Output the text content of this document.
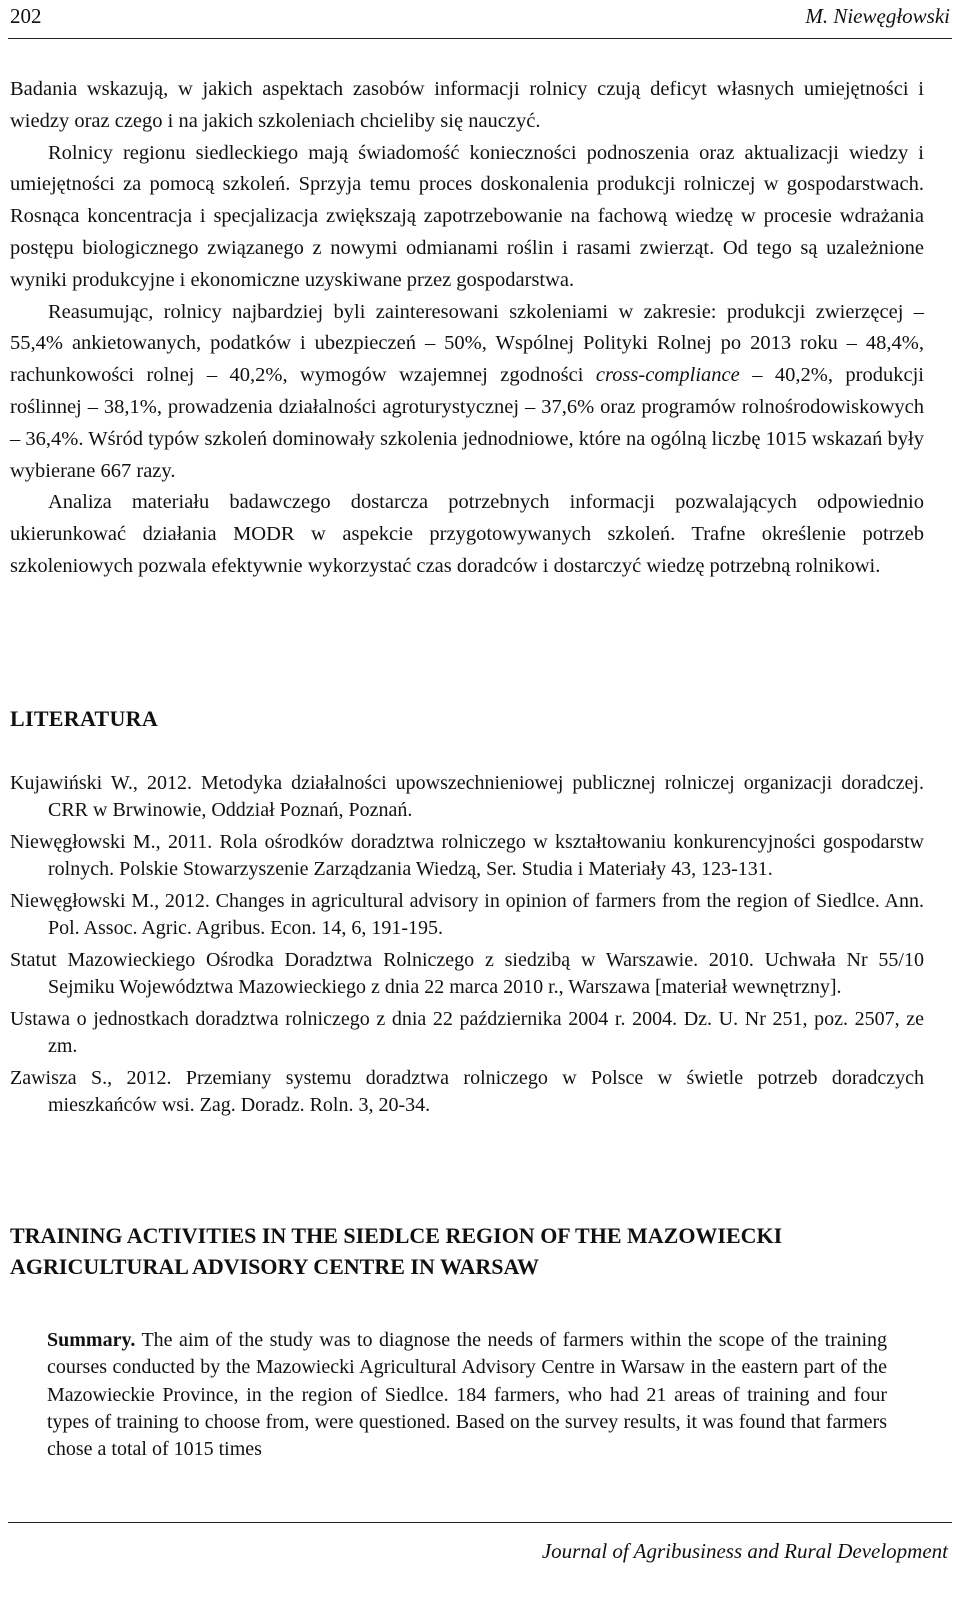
202	M. Niewęgłowski

Badania wskazują, w jakich aspektach zasobów informacji rolnicy czują deficyt własnych umiejętności i wiedzy oraz czego i na jakich szkoleniach chcieliby się nauczyć.

Rolnicy regionu siedleckiego mają świadomość konieczności podnoszenia oraz aktualizacji wiedzy i umiejętności za pomocą szkoleń. Sprzyja temu proces doskonalenia produkcji rolniczej w gospodarstwach. Rosnąca koncentracja i specjalizacja zwiększają zapotrzebowanie na fachową wiedzę w procesie wdrażania postępu biologicznego związanego z nowymi odmianami roślin i rasami zwierząt. Od tego są uzależnione wyniki produkcyjne i ekonomiczne uzyskiwane przez gospodarstwa.

Reasumując, rolnicy najbardziej byli zainteresowani szkoleniami w zakresie: produkcji zwierzęcej – 55,4% ankietowanych, podatków i ubezpieczeń – 50%, Wspólnej Polityki Rolnej po 2013 roku – 48,4%, rachunkowości rolnej – 40,2%, wymogów wzajemnej zgodności cross-compliance – 40,2%, produkcji roślinnej – 38,1%, prowadzenia działalności agroturystycznej – 37,6% oraz programów rolnośrodowiskowych – 36,4%. Wśród typów szkoleń dominowały szkolenia jednodniowe, które na ogólną liczbę 1015 wskazań były wybierane 667 razy.

Analiza materiału badawczego dostarcza potrzebnych informacji pozwalających odpowiednio ukierunkować działania MODR w aspekcie przygotowywanych szkoleń. Trafne określenie potrzeb szkoleniowych pozwala efektywnie wykorzystać czas doradców i dostarczyć wiedzę potrzebną rolnikowi.

LITERATURA

Kujawiński W., 2012. Metodyka działalności upowszechnieniowej publicznej rolniczej organizacji doradczej. CRR w Brwinowie, Oddział Poznań, Poznań.

Niewęgłowski M., 2011. Rola ośrodków doradztwa rolniczego w kształtowaniu konkurencyjności gospodarstw rolnych. Polskie Stowarzyszenie Zarządzania Wiedzą, Ser. Studia i Materiały 43, 123-131.

Niewęgłowski M., 2012. Changes in agricultural advisory in opinion of farmers from the region of Siedlce. Ann. Pol. Assoc. Agric. Agribus. Econ. 14, 6, 191-195.

Statut Mazowieckiego Ośrodka Doradztwa Rolniczego z siedzibą w Warszawie. 2010. Uchwała Nr 55/10 Sejmiku Województwa Mazowieckiego z dnia 22 marca 2010 r., Warszawa [materiał wewnętrzny].

Ustawa o jednostkach doradztwa rolniczego z dnia 22 października 2004 r. 2004. Dz. U. Nr 251, poz. 2507, ze zm.

Zawisza S., 2012. Przemiany systemu doradztwa rolniczego w Polsce w świetle potrzeb doradczych mieszkańców wsi. Zag. Doradz. Roln. 3, 20-34.

TRAINING ACTIVITIES IN THE SIEDLCE REGION OF THE MAZOWIECKI
AGRICULTURAL ADVISORY CENTRE IN WARSAW
Summary. The aim of the study was to diagnose the needs of farmers within the scope of the training courses conducted by the Mazowiecki Agricultural Advisory Centre in Warsaw in the eastern part of the Mazowieckie Province, in the region of Siedlce. 184 farmers, who had 21 areas of training and four types of training to choose from, were questioned. Based on the survey results, it was found that farmers chose a total of 1015 times
Journal of Agribusiness and Rural Development
